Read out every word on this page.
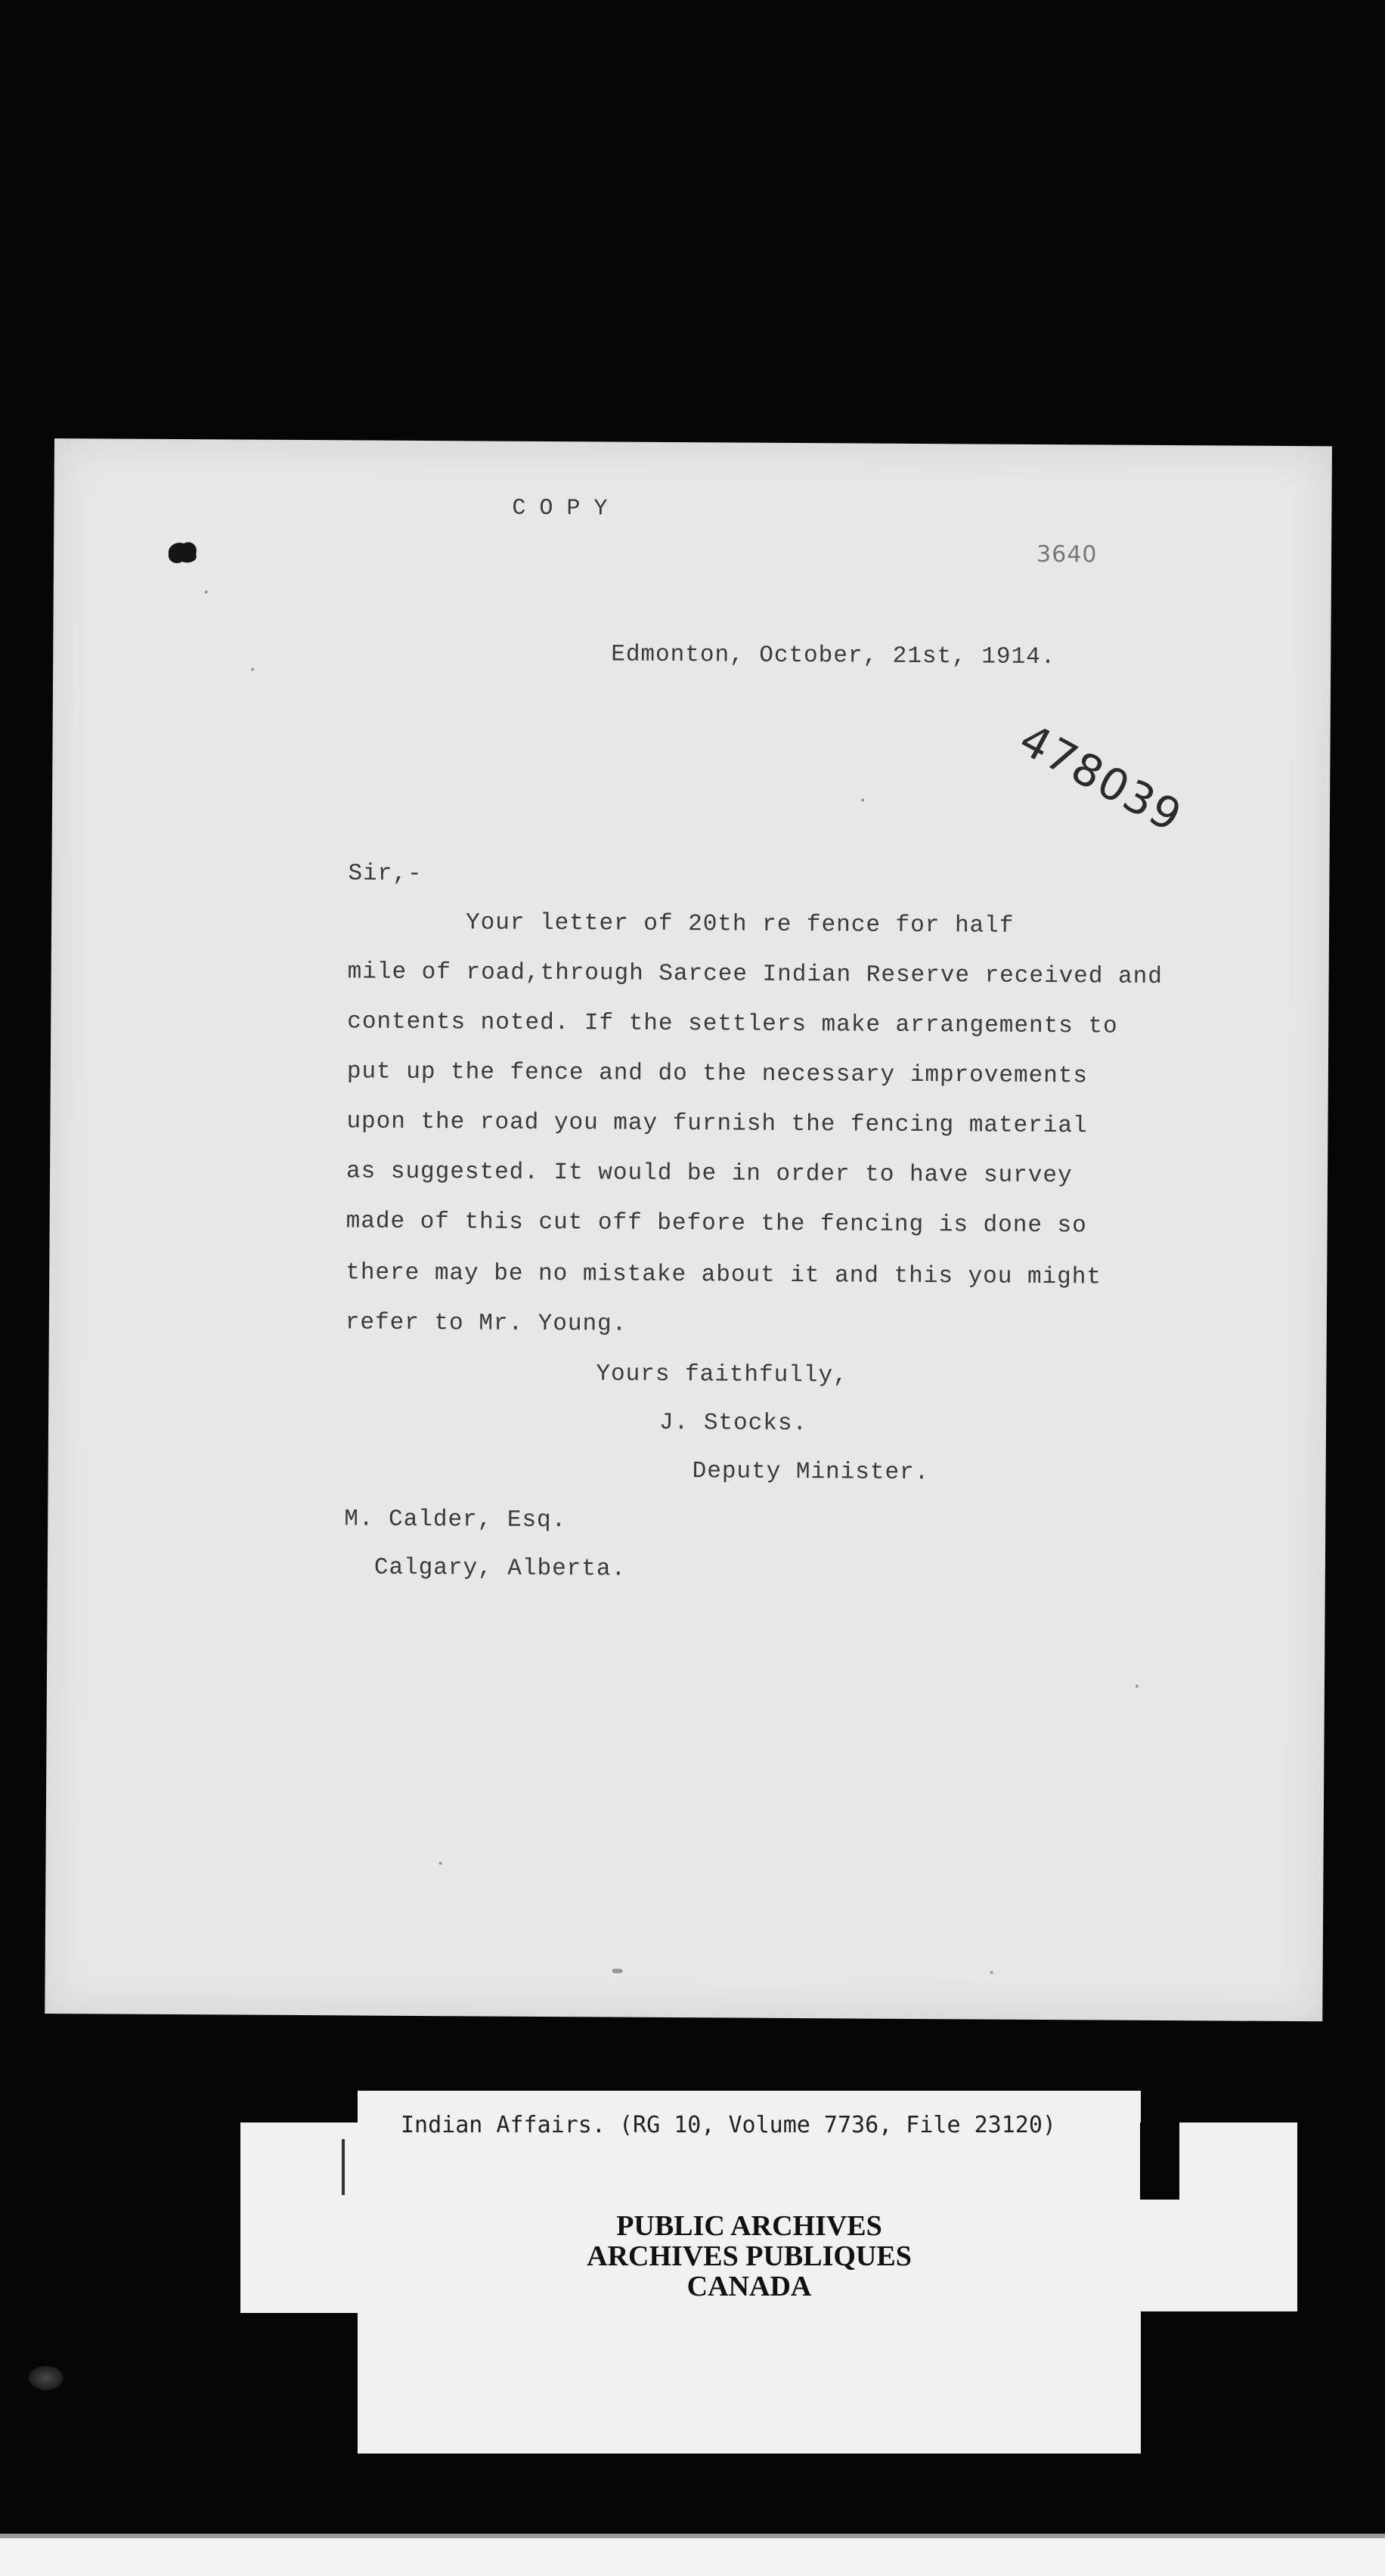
COPY
3640
Edmonton, October, 21st, 1914.
478039
Sir,-
Your letter of 20th re fence for half
mile of road,through Sarcee Indian Reserve received and
contents noted. If the settlers make arrangements to
put up the fence and do the necessary improvements
upon the road you may furnish the fencing material
as suggested. It would be in order to have survey
made of this cut off before the fencing is done so
there may be no mistake about it and this you might
refer to Mr. Young.
Yours faithfully,
J. Stocks.
Deputy Minister.
M. Calder, Esq.
Calgary, Alberta.
Indian Affairs. (RG 10, Volume 7736, File 23120)
PUBLIC ARCHIVES
ARCHIVES PUBLIQUES
CANADA
